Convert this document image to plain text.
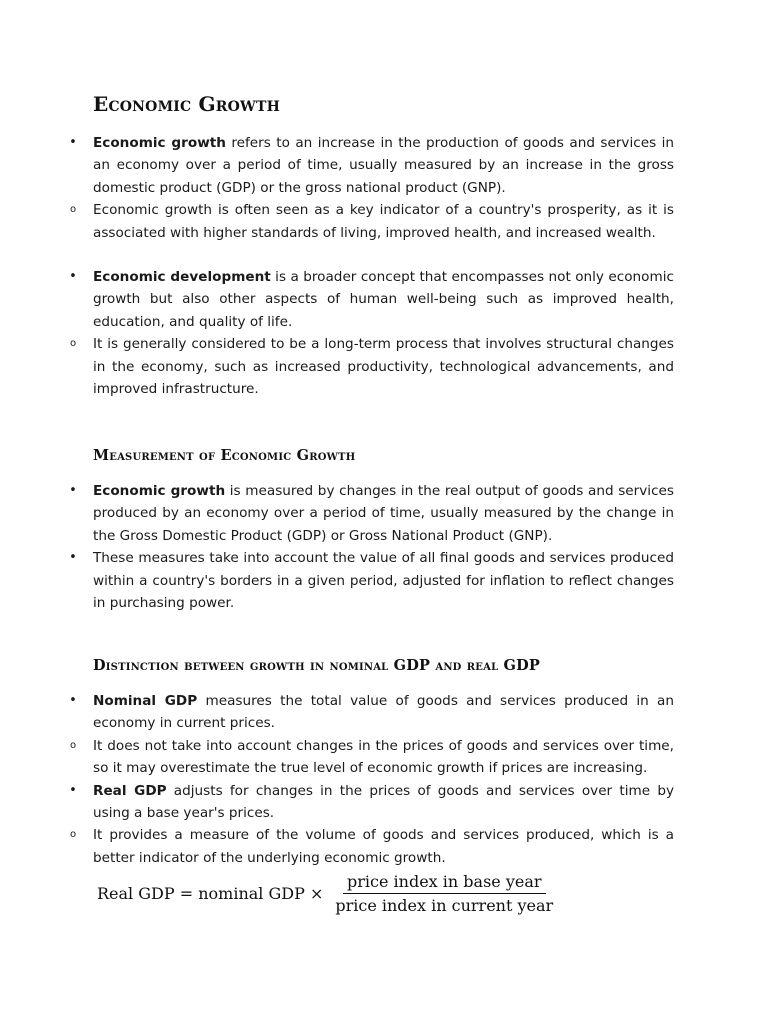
Economic Growth
• Economic growth refers to an increase in the production of goods and services in an economy over a period of time, usually measured by an increase in the gross domestic product (GDP) or the gross national product (GNP).
o Economic growth is often seen as a key indicator of a country's prosperity, as it is associated with higher standards of living, improved health, and increased wealth.
• Economic development is a broader concept that encompasses not only economic growth but also other aspects of human well-being such as improved health, education, and quality of life.
o It is generally considered to be a long-term process that involves structural changes in the economy, such as increased productivity, technological advancements, and improved infrastructure.
Measurement of Economic Growth
• Economic growth is measured by changes in the real output of goods and services produced by an economy over a period of time, usually measured by the change in the Gross Domestic Product (GDP) or Gross National Product (GNP).
• These measures take into account the value of all final goods and services produced within a country's borders in a given period, adjusted for inflation to reflect changes in purchasing power.
Distinction between growth in nominal GDP and real GDP
• Nominal GDP measures the total value of goods and services produced in an economy in current prices.
o It does not take into account changes in the prices of goods and services over time, so it may overestimate the true level of economic growth if prices are increasing.
• Real GDP adjusts for changes in the prices of goods and services over time by using a base year's prices.
o It provides a measure of the volume of goods and services produced, which is a better indicator of the underlying economic growth.
Real GDP = nominal GDP × $\frac{\text{price index in base year}}{\text{price index in current year}}$
